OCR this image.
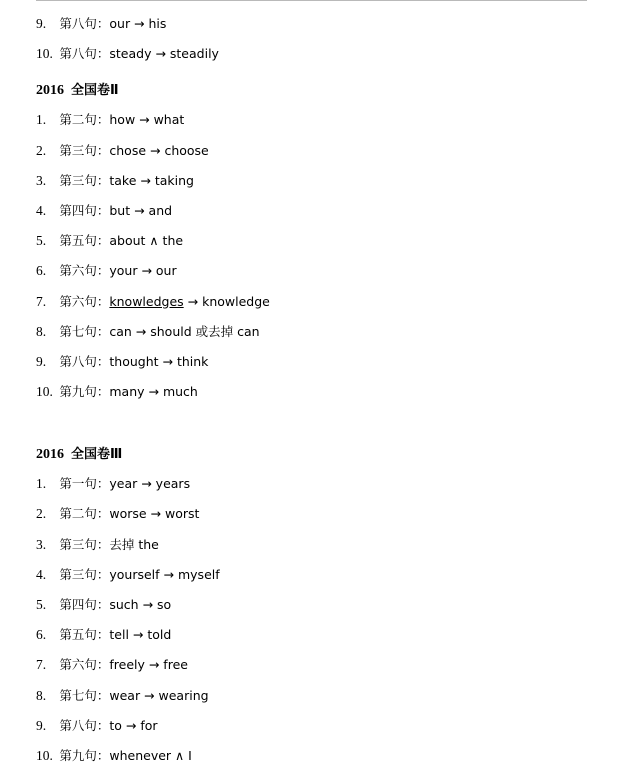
9. 第八句：our → his
10. 第八句：steady → steadily
2016 全国卷Ⅱ
1. 第二句：how → what
2. 第三句：chose → choose
3. 第三句：take → taking
4. 第四句：but → and
5. 第五句：about ∧ the
6. 第六句：your → our
7. 第六句：knowledges → knowledge
8. 第七句：can → should 或去掉 can
9. 第八句：thought → think
10. 第九句：many → much
2016 全国卷Ⅲ
1. 第一句：year → years
2. 第二句：worse → worst
3. 第三句：去掉 the
4. 第三句：yourself → myself
5. 第四句：such → so
6. 第五句：tell → told
7. 第六句：freely → free
8. 第七句：wear → wearing
9. 第八句：to → for
10. 第九句：whenever ∧ I
